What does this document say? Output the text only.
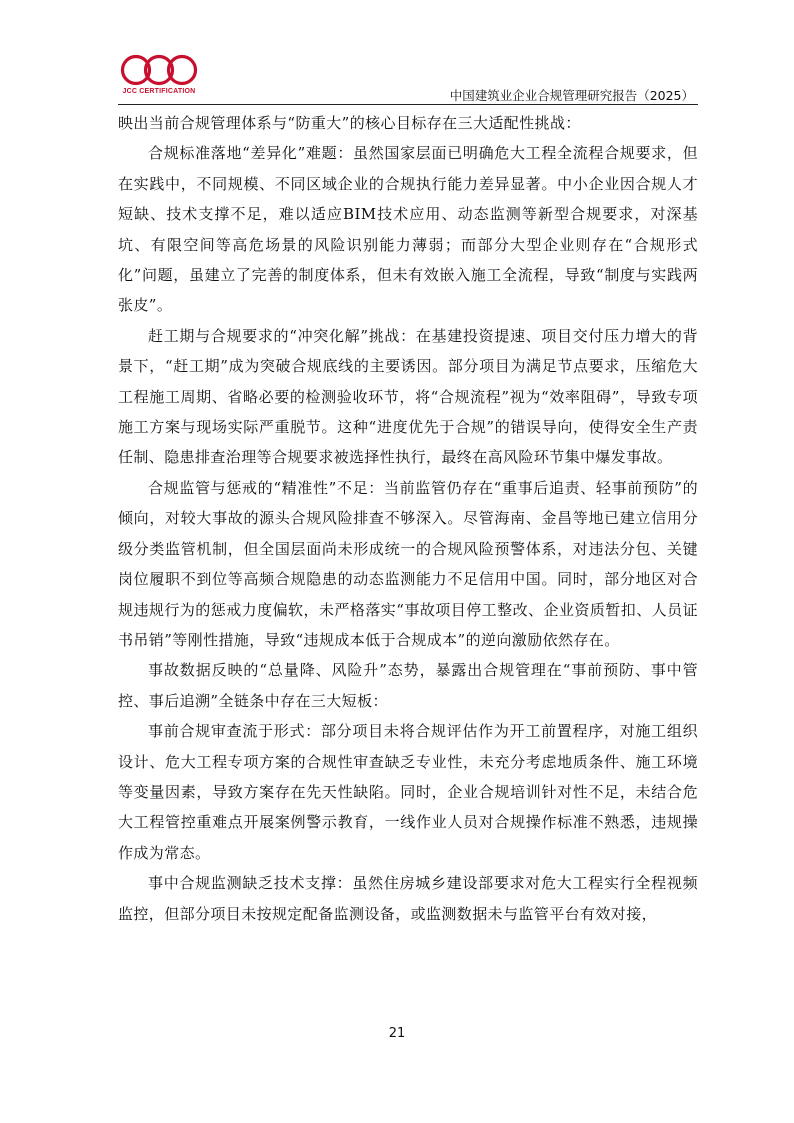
JCC CERTIFICATION	中国建筑业企业合规管理研究报告（2025）

映出当前合规管理体系与“防重大”的核心目标存在三大适配性挑战：

合规标准落地“差异化”难题：虽然国家层面已明确危大工程全流程合规要求，但在实践中，不同规模、不同区域企业的合规执行能力差异显著。中小企业因合规人才短缺、技术支撑不足，难以适应BIM技术应用、动态监测等新型合规要求，对深基坑、有限空间等高危场景的风险识别能力薄弱；而部分大型企业则存在“合规形式化”问题，虽建立了完善的制度体系，但未有效嵌入施工全流程，导致“制度与实践两张皮”。

赶工期与合规要求的“冲突化解”挑战：在基建投资提速、项目交付压力增大的背景下，“赶工期”成为突破合规底线的主要诱因。部分项目为满足节点要求，压缩危大工程施工周期、省略必要的检测验收环节，将“合规流程”视为“效率阻碍”，导致专项施工方案与现场实际严重脱节。这种“进度优先于合规”的错误导向，使得安全生产责任制、隐患排查治理等合规要求被选择性执行，最终在高风险环节集中爆发事故。

合规监管与惩戒的“精准性”不足：当前监管仍存在“重事后追责、轻事前预防”的倾向，对较大事故的源头合规风险排查不够深入。尽管海南、金昌等地已建立信用分级分类监管机制，但全国层面尚未形成统一的合规风险预警体系，对违法分包、关键岗位履职不到位等高频合规隐患的动态监测能力不足信用中国。同时，部分地区对合规违规行为的惩戒力度偏软，未严格落实“事故项目停工整改、企业资质暂扣、人员证书吊销”等刚性措施，导致“违规成本低于合规成本”的逆向激励依然存在。

事故数据反映的“总量降、风险升”态势，暴露出合规管理在“事前预防、事中管控、事后追溯”全链条中存在三大短板：

事前合规审查流于形式：部分项目未将合规评估作为开工前置程序，对施工组织设计、危大工程专项方案的合规性审查缺乏专业性，未充分考虑地质条件、施工环境等变量因素，导致方案存在先天性缺陷。同时，企业合规培训针对性不足，未结合危大工程管控重难点开展案例警示教育，一线作业人员对合规操作标准不熟悉，违规操作成为常态。

事中合规监测缺乏技术支撑：虽然住房城乡建设部要求对危大工程实行全程视频监控，但部分项目未按规定配备监测设备，或监测数据未与监管平台有效对接，

21
